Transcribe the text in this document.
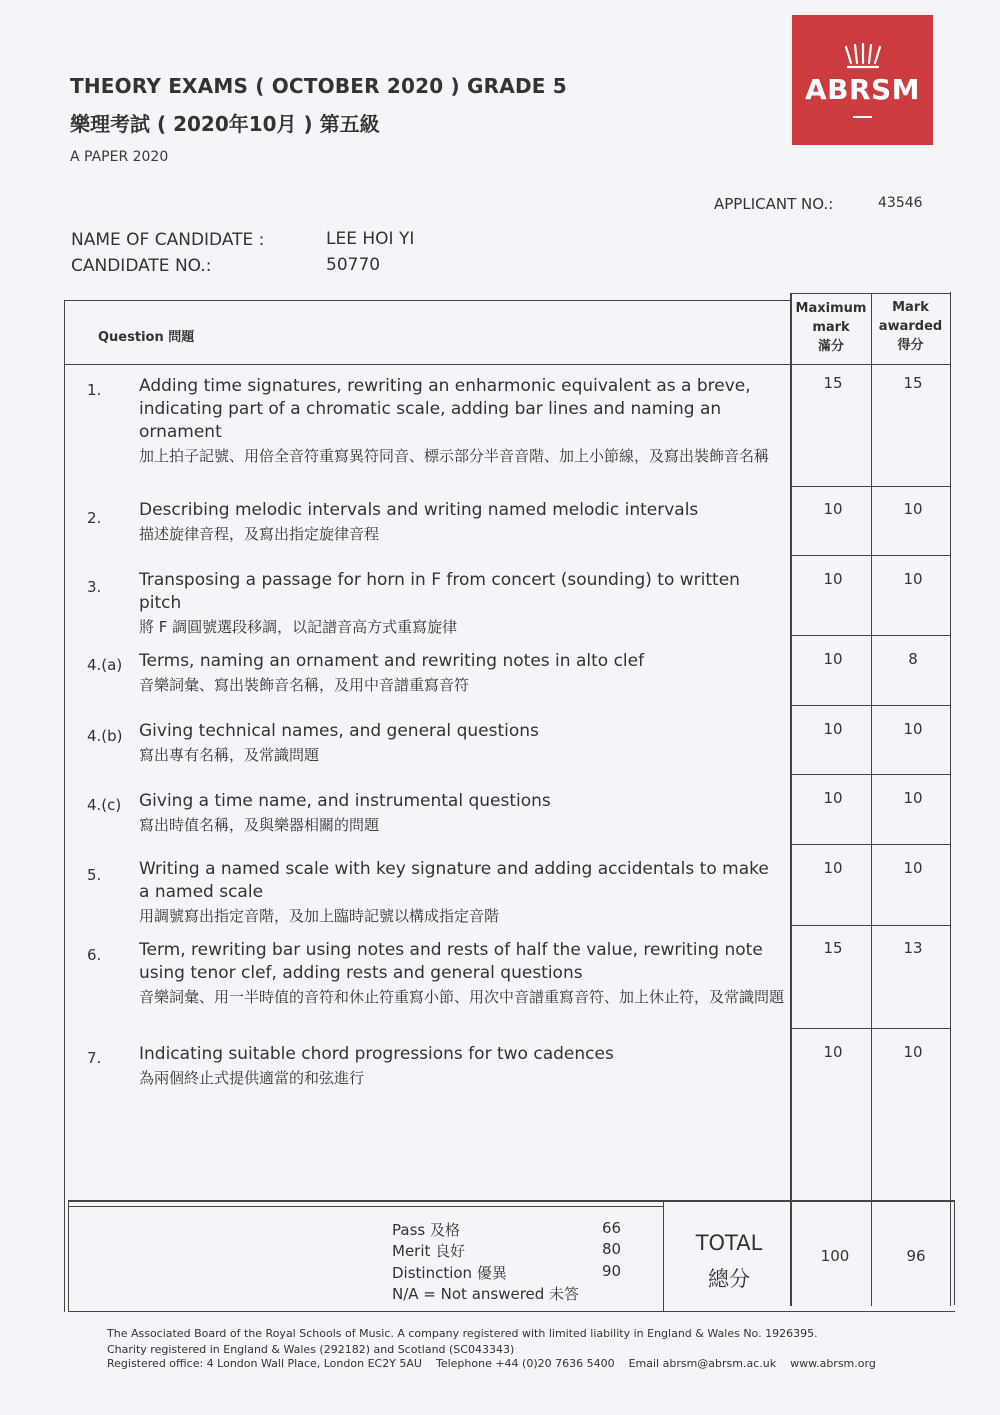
THEORY EXAMS ( OCTOBER 2020 ) GRADE 5
樂理考試 ( 2020年10月 ) 第五級
A PAPER 2020
ABRSM
APPLICANT NO.:	43546
NAME OF CANDIDATE :	LEE HOI YI
CANDIDATE NO.:	50770
Question 問題
Maximum
mark
滿分
Mark
awarded
得分
1. Adding time signatures, rewriting an enharmonic equivalent as a breve, indicating part of a chromatic scale, adding bar lines and naming an ornament
加上拍子記號、用倍全音符重寫異符同音、標示部分半音音階、加上小節線，及寫出裝飾音名稱
15	15
2. Describing melodic intervals and writing named melodic intervals
描述旋律音程，及寫出指定旋律音程
10	10
3. Transposing a passage for horn in F from concert (sounding) to written pitch
將 F 調圓號選段移調，以記譜音高方式重寫旋律
10	10
4.(a) Terms, naming an ornament and rewriting notes in alto clef
音樂詞彙、寫出裝飾音名稱，及用中音譜重寫音符
10	8
4.(b) Giving technical names, and general questions
寫出專有名稱，及常識問題
10	10
4.(c) Giving a time name, and instrumental questions
寫出時值名稱，及與樂器相關的問題
10	10
5. Writing a named scale with key signature and adding accidentals to make a named scale
用調號寫出指定音階，及加上臨時記號以構成指定音階
10	10
6. Term, rewriting bar using notes and rests of half the value, rewriting note using tenor clef, adding rests and general questions
音樂詞彙、用一半時值的音符和休止符重寫小節、用次中音譜重寫音符、加上休止符，及常識問題
15	13
7. Indicating suitable chord progressions for two cadences
為兩個終止式提供適當的和弦進行
10	10
Pass 及格	66
Merit 良好	80
Distinction 優異	90
N/A = Not answered 未答
TOTAL
總分
100	96
The Associated Board of the Royal Schools of Music. A company registered with limited liability in England & Wales No. 1926395.
Charity registered in England & Wales (292182) and Scotland (SC043343)
Registered office: 4 London Wall Place, London EC2Y 5AU    Telephone +44 (0)20 7636 5400    Email abrsm@abrsm.ac.uk    www.abrsm.org
